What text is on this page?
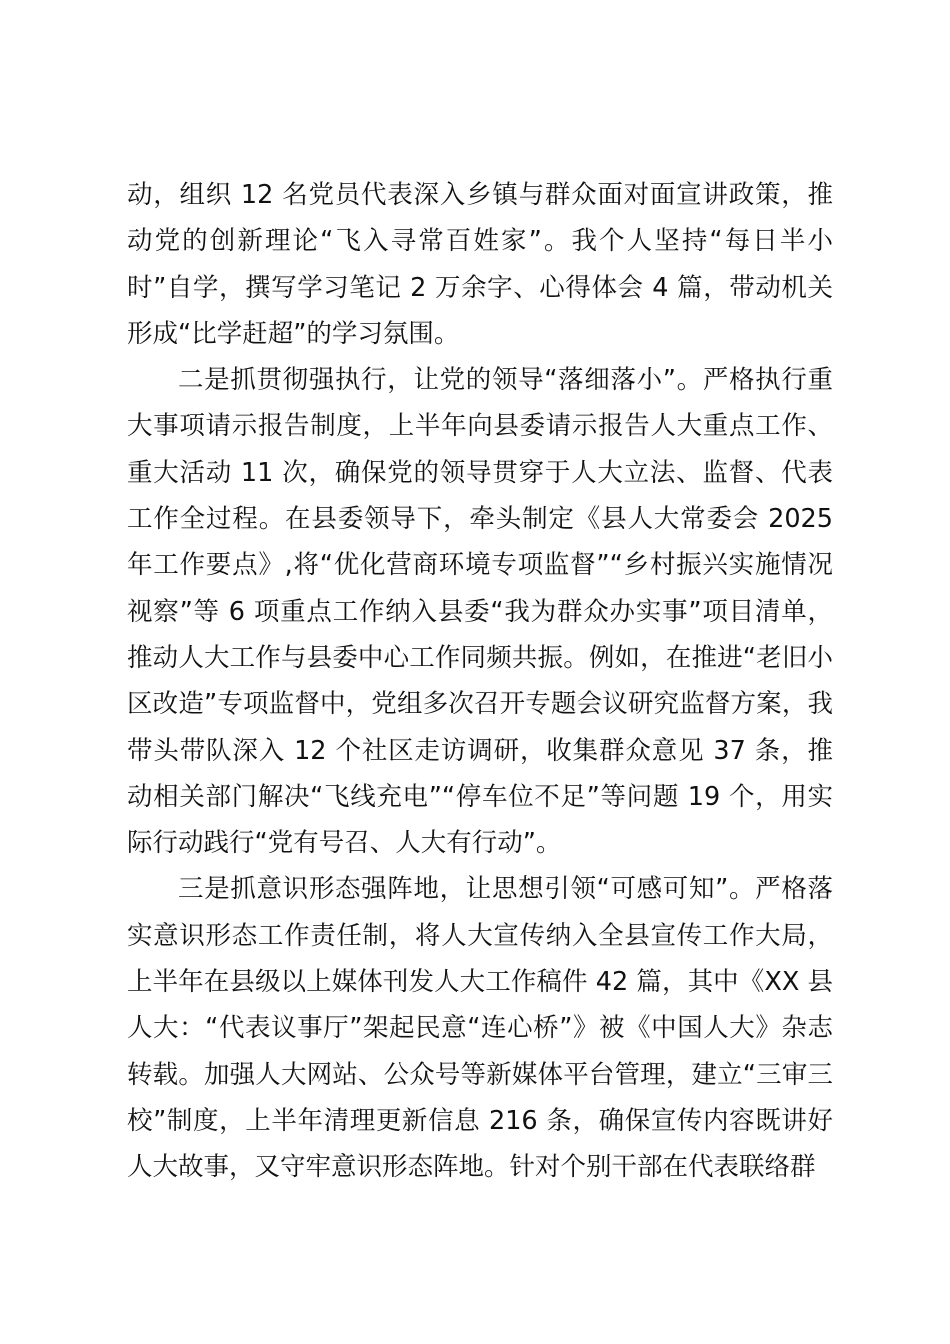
动，组织 12 名党员代表深入乡镇与群众面对面宣讲政策，推动党的创新理论“飞入寻常百姓家”。我个人坚持“每日半小时”自学，撰写学习笔记 2 万余字、心得体会 4 篇，带动机关形成“比学赶超”的学习氛围。

二是抓贯彻强执行，让党的领导“落细落小”。严格执行重大事项请示报告制度，上半年向县委请示报告人大重点工作、重大活动 11 次，确保党的领导贯穿于人大立法、监督、代表工作全过程。在县委领导下，牵头制定《县人大常委会 2025 年工作要点》,将“优化营商环境专项监督”“乡村振兴实施情况视察”等 6 项重点工作纳入县委“我为群众办实事”项目清单，推动人大工作与县委中心工作同频共振。例如，在推进“老旧小区改造”专项监督中，党组多次召开专题会议研究监督方案，我带头带队深入 12 个社区走访调研，收集群众意见 37 条，推动相关部门解决“飞线充电”“停车位不足”等问题 19 个，用实际行动践行“党有号召、人大有行动”。

三是抓意识形态强阵地，让思想引领“可感可知”。严格落实意识形态工作责任制，将人大宣传纳入全县宣传工作大局，上半年在县级以上媒体刊发人大工作稿件 42 篇，其中《XX 县人大：“代表议事厅”架起民意“连心桥”》被《中国人大》杂志转载。加强人大网站、公众号等新媒体平台管理，建立“三审三校”制度，上半年清理更新信息 216 条，确保宣传内容既讲好人大故事，又守牢意识形态阵地。针对个别干部在代表联络群
